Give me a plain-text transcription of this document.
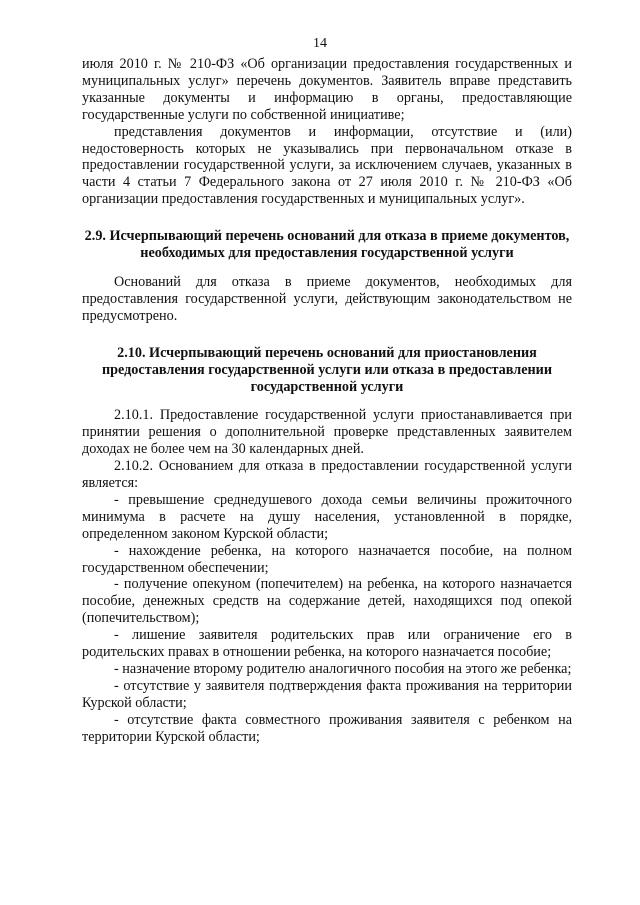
14

июля 2010 г. № 210-ФЗ «Об организации предоставления государственных и муниципальных услуг» перечень документов. Заявитель вправе представить указанные документы и информацию в органы, предоставляющие государственные услуги по собственной инициативе;

представления документов и информации, отсутствие и (или) недостоверность которых не указывались при первоначальном отказе в предоставлении государственной услуги, за исключением случаев, указанных в части 4 статьи 7 Федерального закона от 27 июля 2010 г. № 210-ФЗ «Об организации предоставления государственных и муниципальных услуг».

2.9. Исчерпывающий перечень оснований для отказа в приеме документов, необходимых для предоставления государственной услуги

Оснований для отказа в приеме документов, необходимых для предоставления государственной услуги, действующим законодательством не предусмотрено.

2.10. Исчерпывающий перечень оснований для приостановления предоставления государственной услуги или отказа в предоставлении государственной услуги

2.10.1. Предоставление государственной услуги приостанавливается при принятии решения о дополнительной проверке представленных заявителем доходах не более чем на 30 календарных дней.

2.10.2. Основанием для отказа в предоставлении государственной услуги является:

- превышение среднедушевого дохода семьи величины прожиточного минимума в расчете на душу населения, установленной в порядке, определенном законом Курской области;

- нахождение ребенка, на которого назначается пособие, на полном государственном обеспечении;

- получение опекуном (попечителем) на ребенка, на которого назначается пособие, денежных средств на содержание детей, находящихся под опекой (попечительством);

- лишение заявителя родительских прав или ограничение его в родительских правах в отношении ребенка, на которого назначается пособие;

- назначение второму родителю аналогичного пособия на этого же ребенка;

- отсутствие у заявителя подтверждения факта проживания на территории Курской области;

- отсутствие факта совместного проживания заявителя с ребенком на территории Курской области;
